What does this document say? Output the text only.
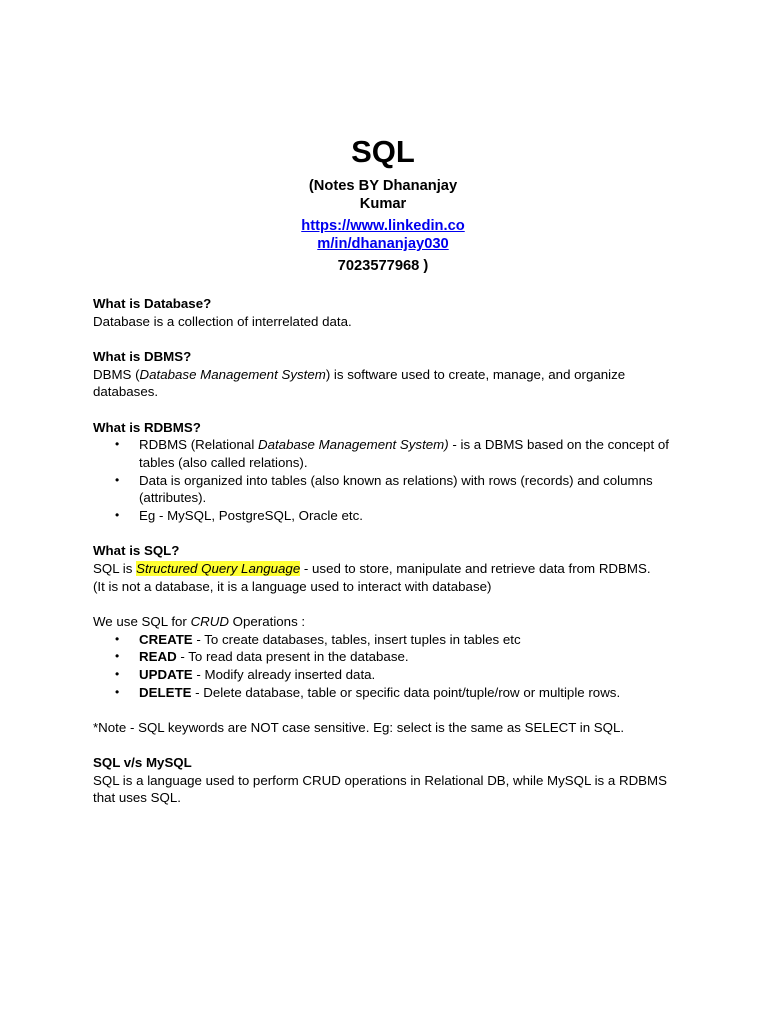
SQL
(Notes BY Dhananjay
Kumar
https://www.linkedin.co
m/in/dhananjay030
7023577968 )
What is Database?

Database is a collection of interrelated data.

What is DBMS?

DBMS (Database Management System) is software used to create, manage, and organize databases.

What is RDBMS?
• RDBMS (Relational Database Management System) - is a DBMS based on the concept of tables (also called relations).
• Data is organized into tables (also known as relations) with rows (records) and columns (attributes).
• Eg - MySQL, PostgreSQL, Oracle etc.
What is SQL?

SQL is Structured Query Language - used to store, manipulate and retrieve data from RDBMS.

(It is not a database, it is a language used to interact with database)

We use SQL for CRUD Operations :

• CREATE - To create databases, tables, insert tuples in tables etc
• READ - To read data present in the database.
• UPDATE - Modify already inserted data.
• DELETE - Delete database, table or specific data point/tuple/row or multiple rows.

*Note - SQL keywords are NOT case sensitive. Eg: select is the same as SELECT in SQL.

SQL v/s MySQL

SQL is a language used to perform CRUD operations in Relational DB, while MySQL is a RDBMS that uses SQL.
